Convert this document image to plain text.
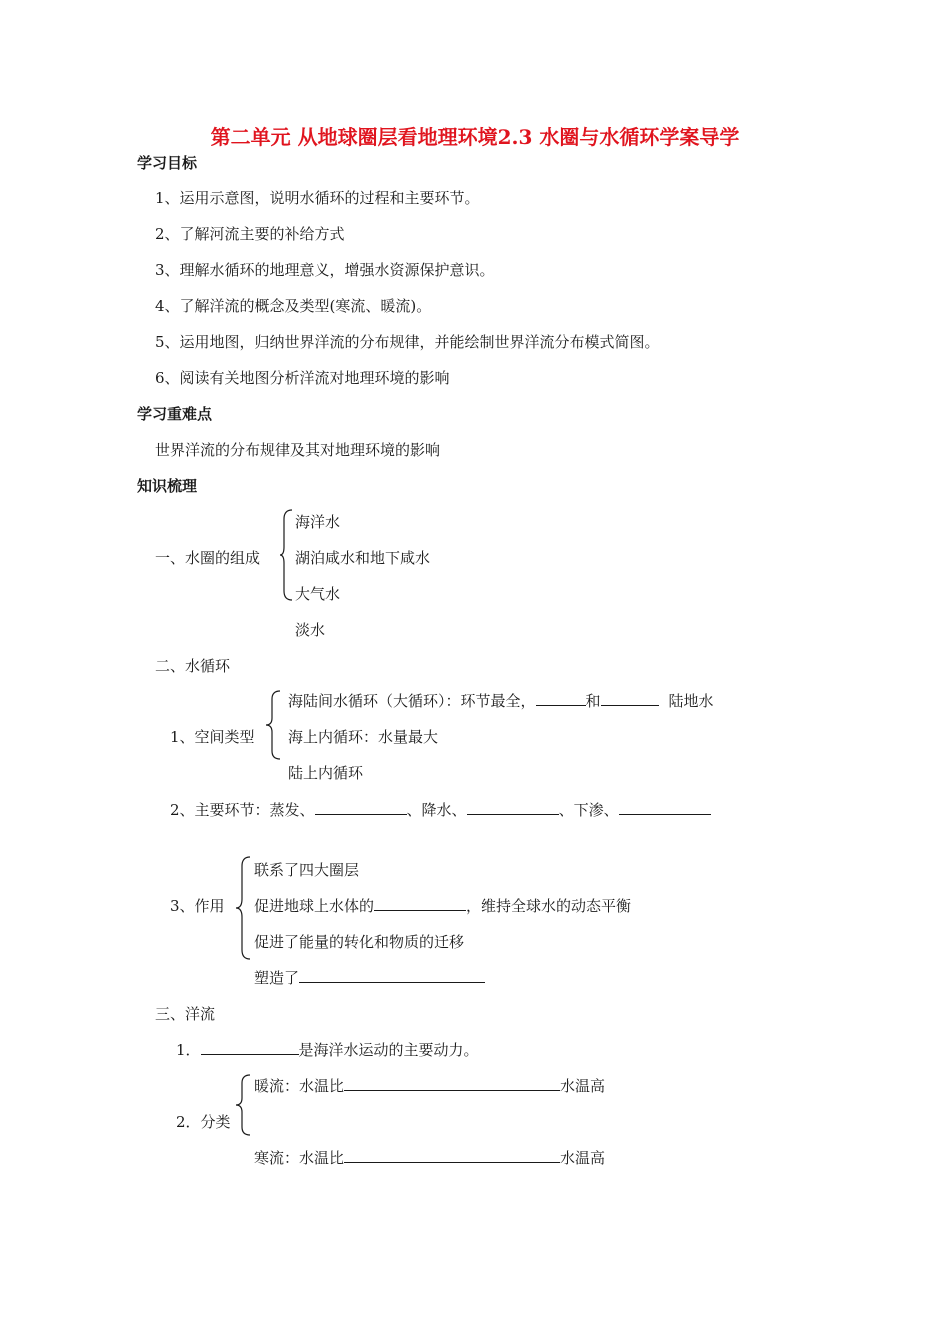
第二单元 从地球圈层看地理环境2.3 水圈与水循环学案导学
学习目标
1、运用示意图，说明水循环的过程和主要环节。
2、了解河流主要的补给方式
3、理解水循环的地理意义，增强水资源保护意识。
4、了解洋流的概念及类型(寒流、暖流)。
5、运用地图，归纳世界洋流的分布规律，并能绘制世界洋流分布模式简图。
6、阅读有关地图分析洋流对地理环境的影响
学习重难点
世界洋流的分布规律及其对地理环境的影响
知识梳理
一、水圈的组成
海洋水
湖泊咸水和地下咸水
大气水
淡水
二、水循环
1、空间类型
海陆间水循环（大循环）：环节最全，	和	陆地水
海上内循环：水量最大
陆上内循环
2、主要环节：蒸发、	、降水、	、下渗、
3、作用
联系了四大圈层
促进地球上水体的	，维持全球水的动态平衡
促进了能量的转化和物质的迁移
塑造了
三、洋流
1．	是海洋水运动的主要动力。
2．分类
暖流：水温比	水温高
寒流：水温比	水温高
